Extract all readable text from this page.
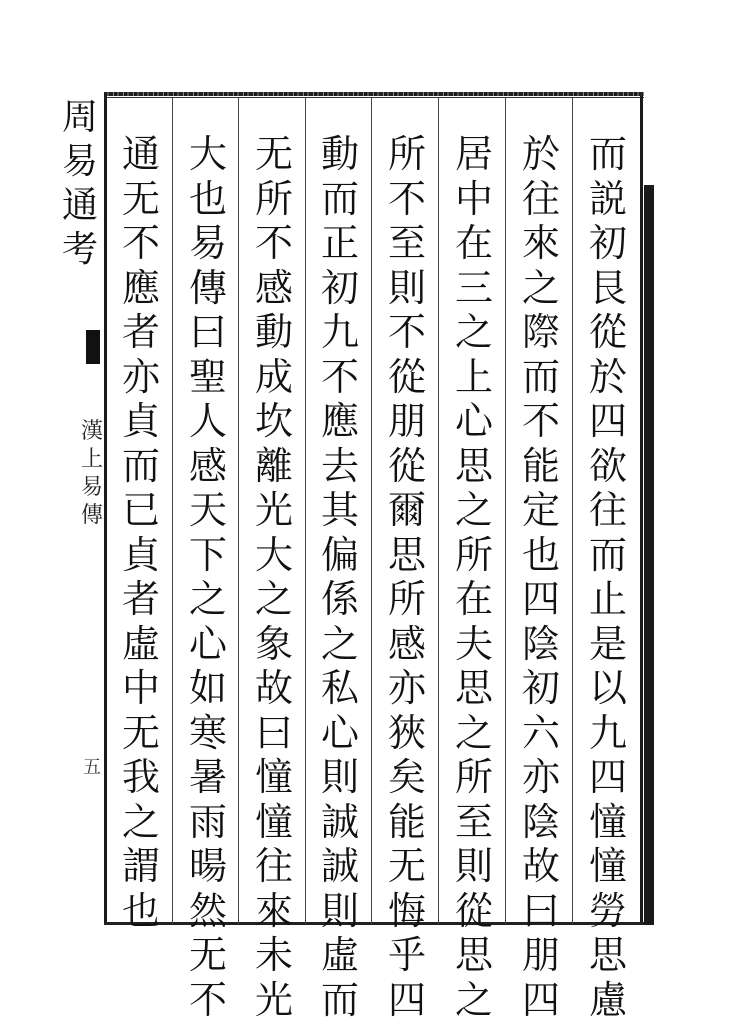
周
易
通
考
漢
上
易
傳
五
而
説
初
艮
從
於
四
欲
往
而
止
是
以
九
四
憧
憧
勞
思
慮
於
往
來
之
際
而
不
能
定
也
四
陰
初
六
亦
陰
故
曰
朋
四
居
中
在
三
之
上
心
思
之
所
在
夫
思
之
所
至
則
從
思
之
所
不
至
則
不
從
朋
從
爾
思
所
感
亦
狹
矣
能
无
悔
乎
四
動
而
正
初
九
不
應
去
其
偏
係
之
私
心
則
誠
誠
則
虛
而
无
所
不
感
動
成
坎
離
光
大
之
象
故
曰
憧
憧
往
來
未
光
大
也
易
傳
曰
聖
人
感
天
下
之
心
如
寒
暑
雨
暘
然
无
不
通
无
不
應
者
亦
貞
而
已
貞
者
虛
中
无
我
之
謂
也
